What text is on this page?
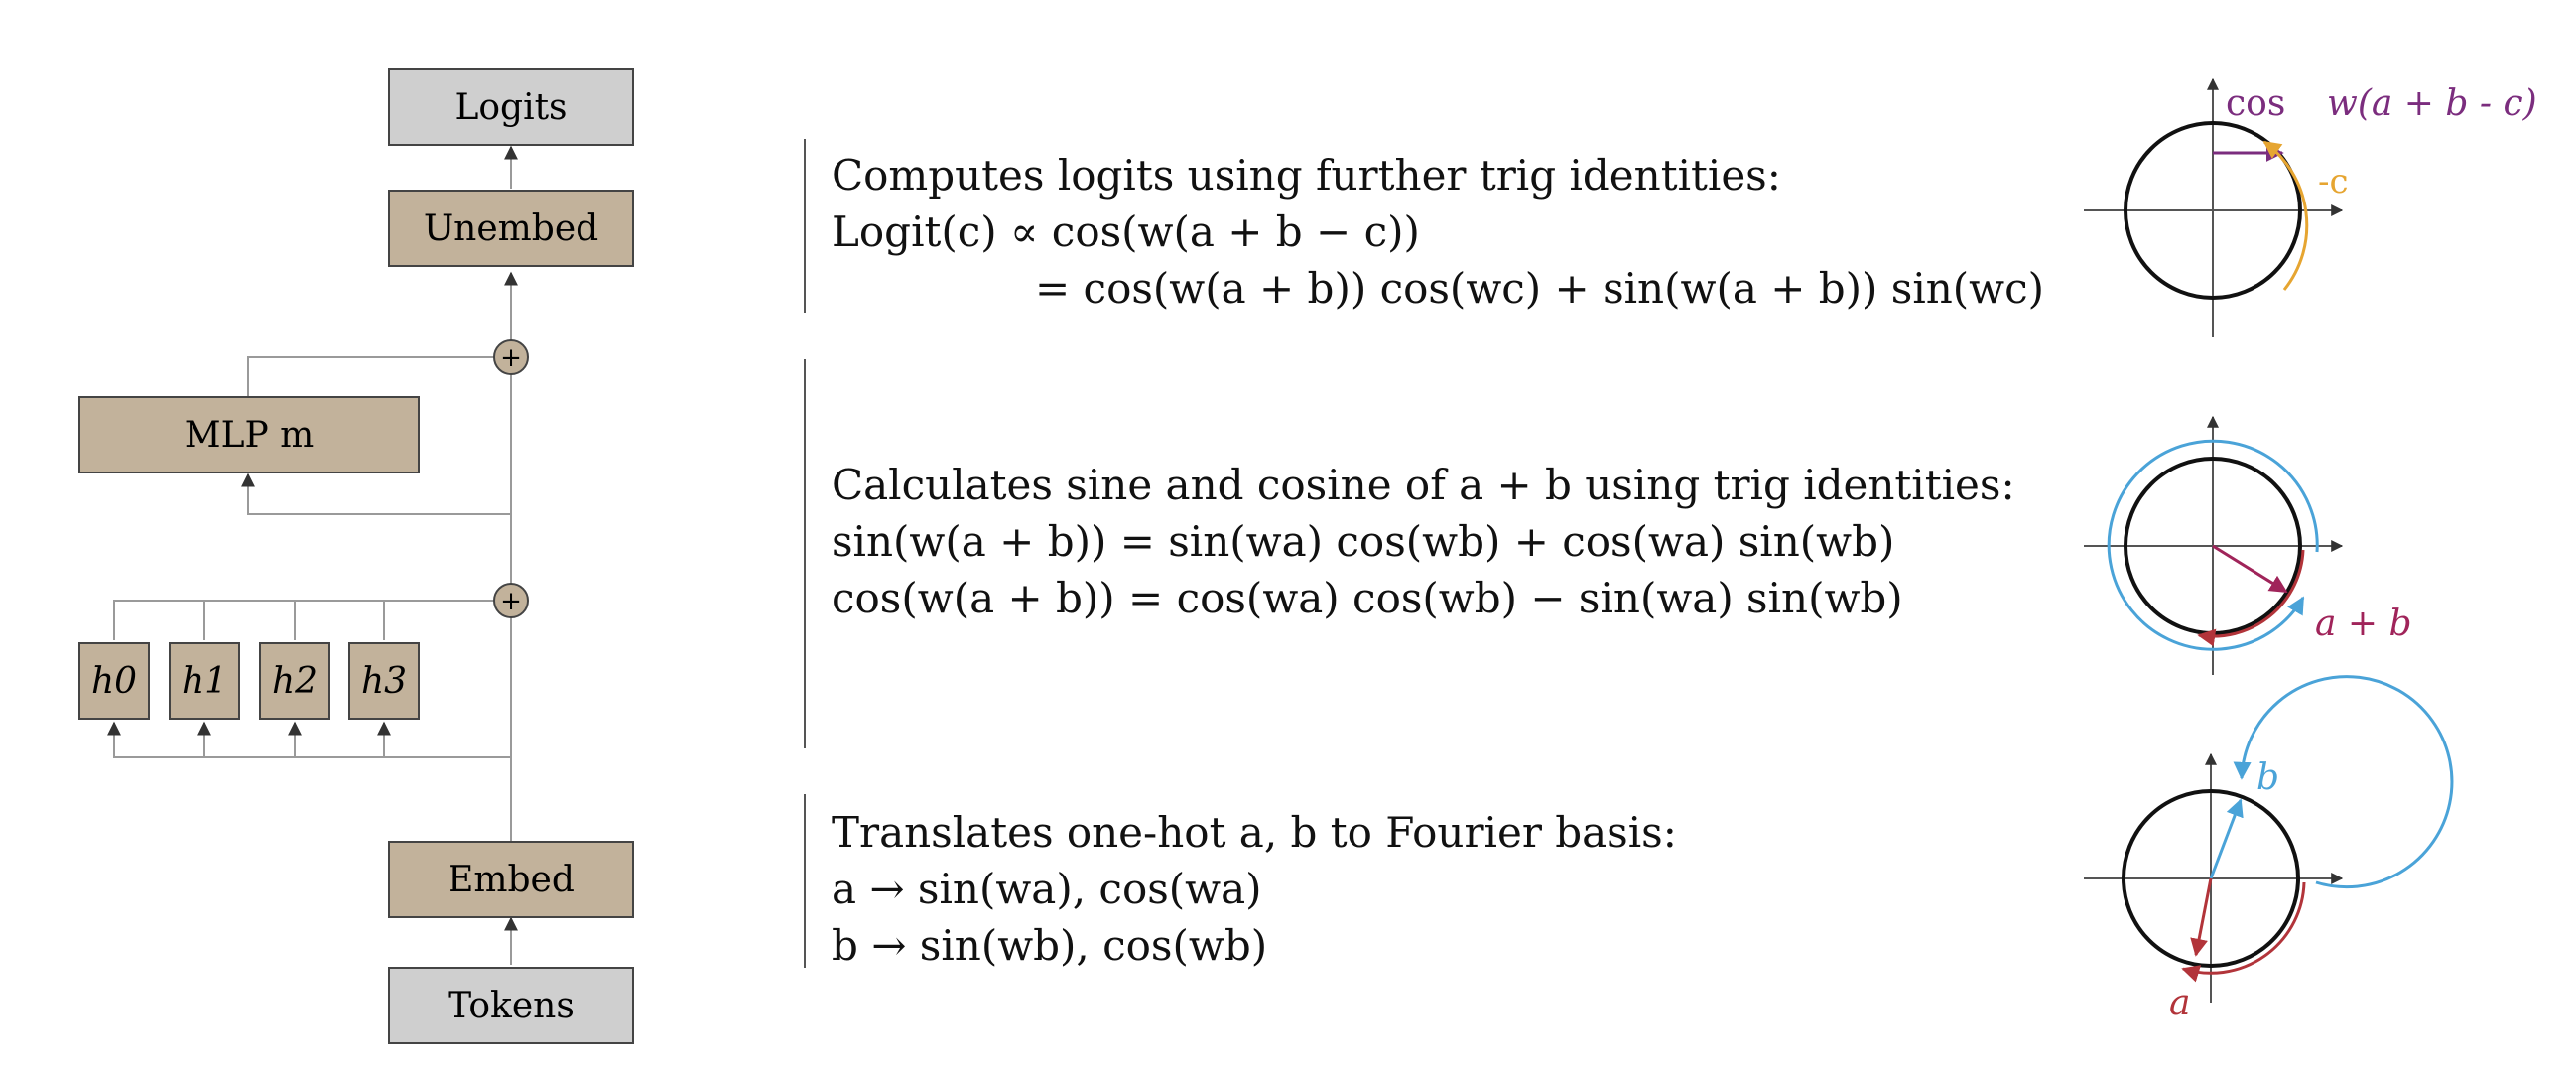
Logits
Unembed
+
MLP m
+
h0 h1 h2 h3
Embed
Tokens
Computes logits using further trig identities:
Logit(c) ∝ cos(w(a + b − c))
= cos(w(a + b)) cos(wc) + sin(w(a + b)) sin(wc)
Calculates sine and cosine of a + b using trig identities:
sin(w(a + b)) = sin(wa) cos(wb) + cos(wa) sin(wb)
cos(w(a + b)) = cos(wa) cos(wb) − sin(wa) sin(wb)
Translates one-hot a, b to Fourier basis:
a → sin(wa), cos(wa)
b → sin(wb), cos(wb)
cos w(a + b - c)
-c
a + b
b
a
